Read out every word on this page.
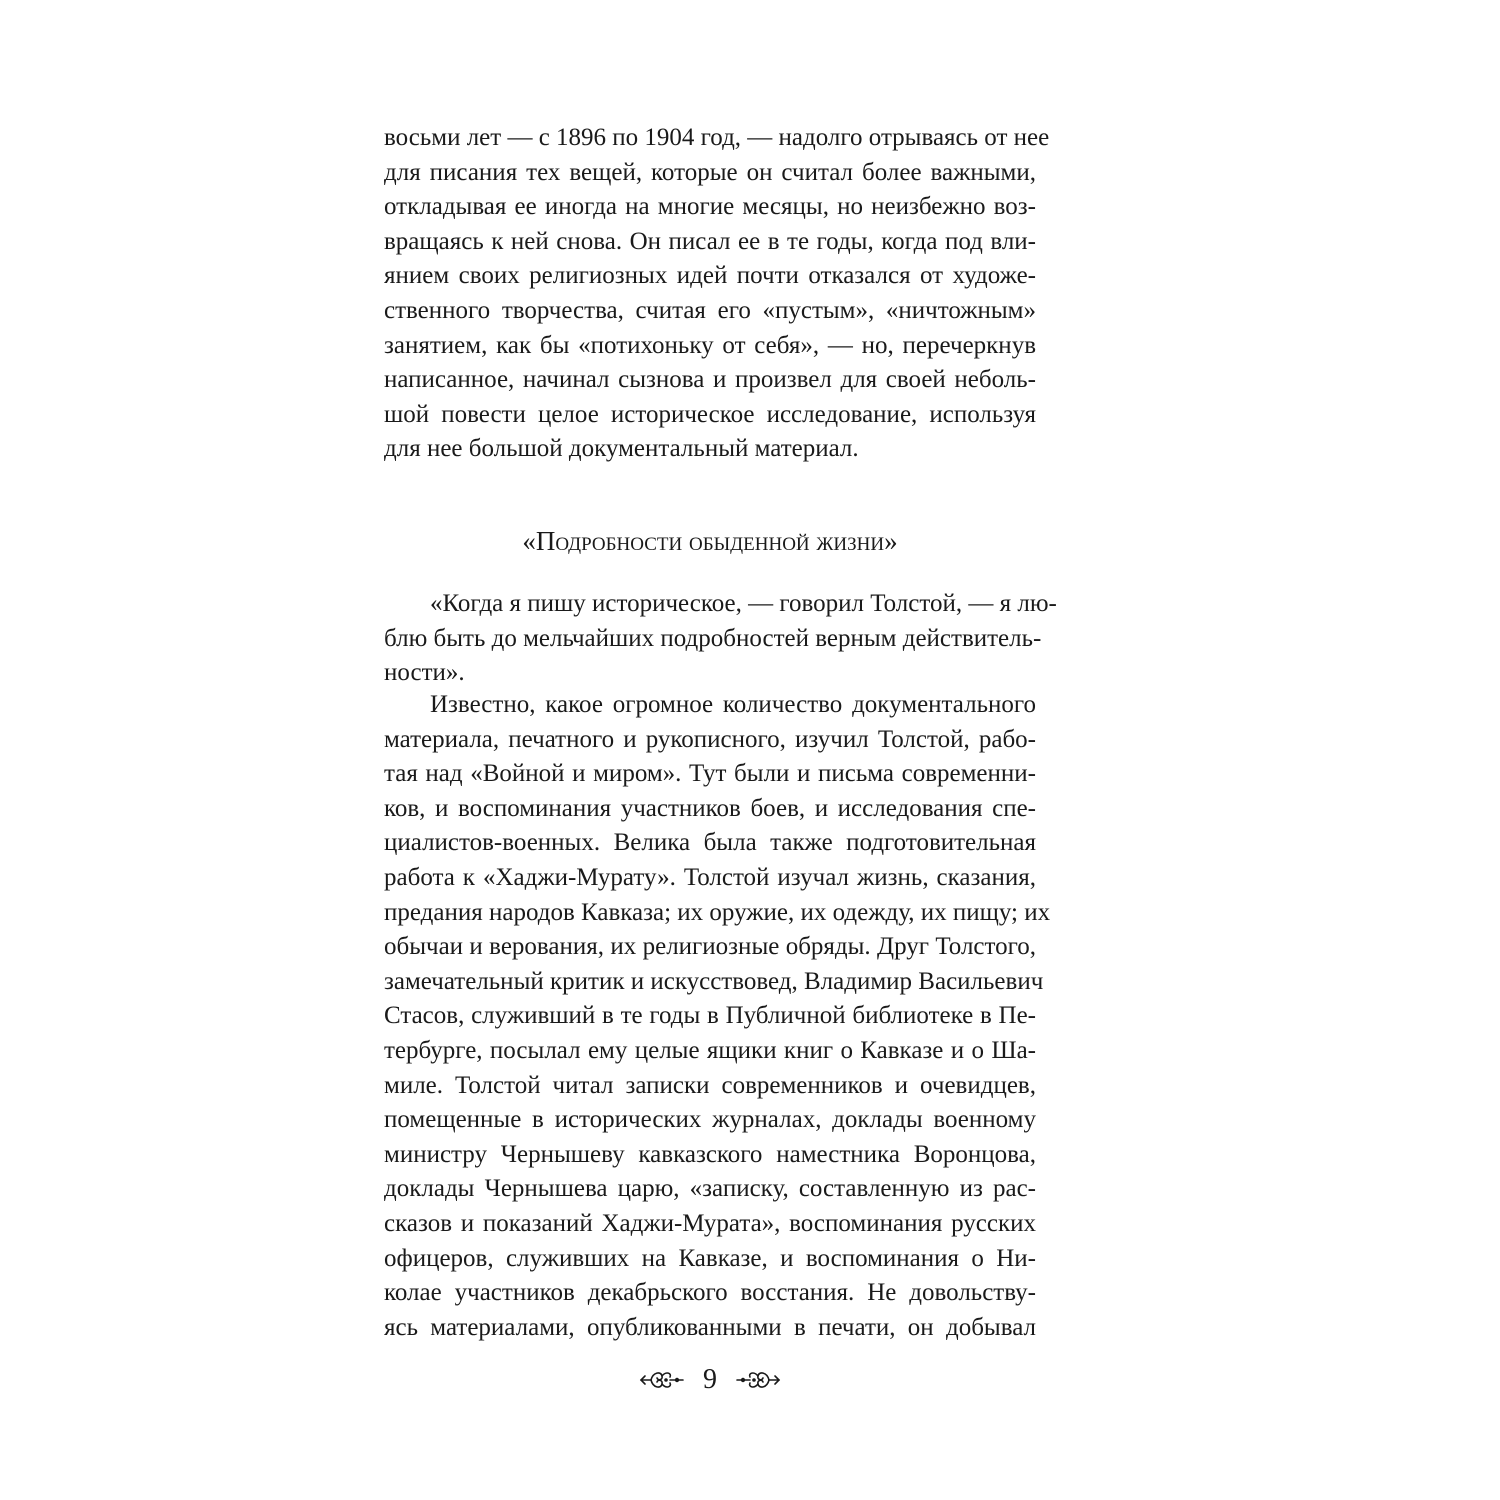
восьми лет — с 1896 по 1904 год, — надолго отрываясь от нее
для писания тех вещей, которые он считал более важными,
откладывая ее иногда на многие месяцы, но неизбежно воз-
вращаясь к ней снова. Он писал ее в те годы, когда под вли-
янием своих религиозных идей почти отказался от художе-
ственного творчества, считая его «пустым», «ничтожным»
занятием, как бы «потихоньку от себя», — но, перечеркнув
написанное, начинал сызнова и произвел для своей неболь-
шой повести целое историческое исследование, используя
для нее большой документальный материал.
«Подробности обыденной жизни»
«Когда я пишу историческое, — говорил Толстой, — я лю-
блю быть до мельчайших подробностей верным действитель-
ности».
Известно, какое огромное количество документального
материала, печатного и рукописного, изучил Толстой, рабо-
тая над «Войной и миром». Тут были и письма современни-
ков, и воспоминания участников боев, и исследования спе-
циалистов-военных. Велика была также подготовительная
работа к «Хаджи-Мурату». Толстой изучал жизнь, сказания,
предания народов Кавказа; их оружие, их одежду, их пищу; их
обычаи и верования, их религиозные обряды. Друг Толстого,
замечательный критик и искусствовед, Владимир Васильевич
Стасов, служивший в те годы в Публичной библиотеке в Пе-
тербурге, посылал ему целые ящики книг о Кавказе и о Ша-
миле. Толстой читал записки современников и очевидцев,
помещенные в исторических журналах, доклады военному
министру Чернышеву кавказского наместника Воронцова,
доклады Чернышева царю, «записку, составленную из рас-
сказов и показаний Хаджи-Мурата», воспоминания русских
офицеров, служивших на Кавказе, и воспоминания о Ни-
колае участников декабрьского восстания. Не довольству-
ясь материалами, опубликованными в печати, он добывал
9
